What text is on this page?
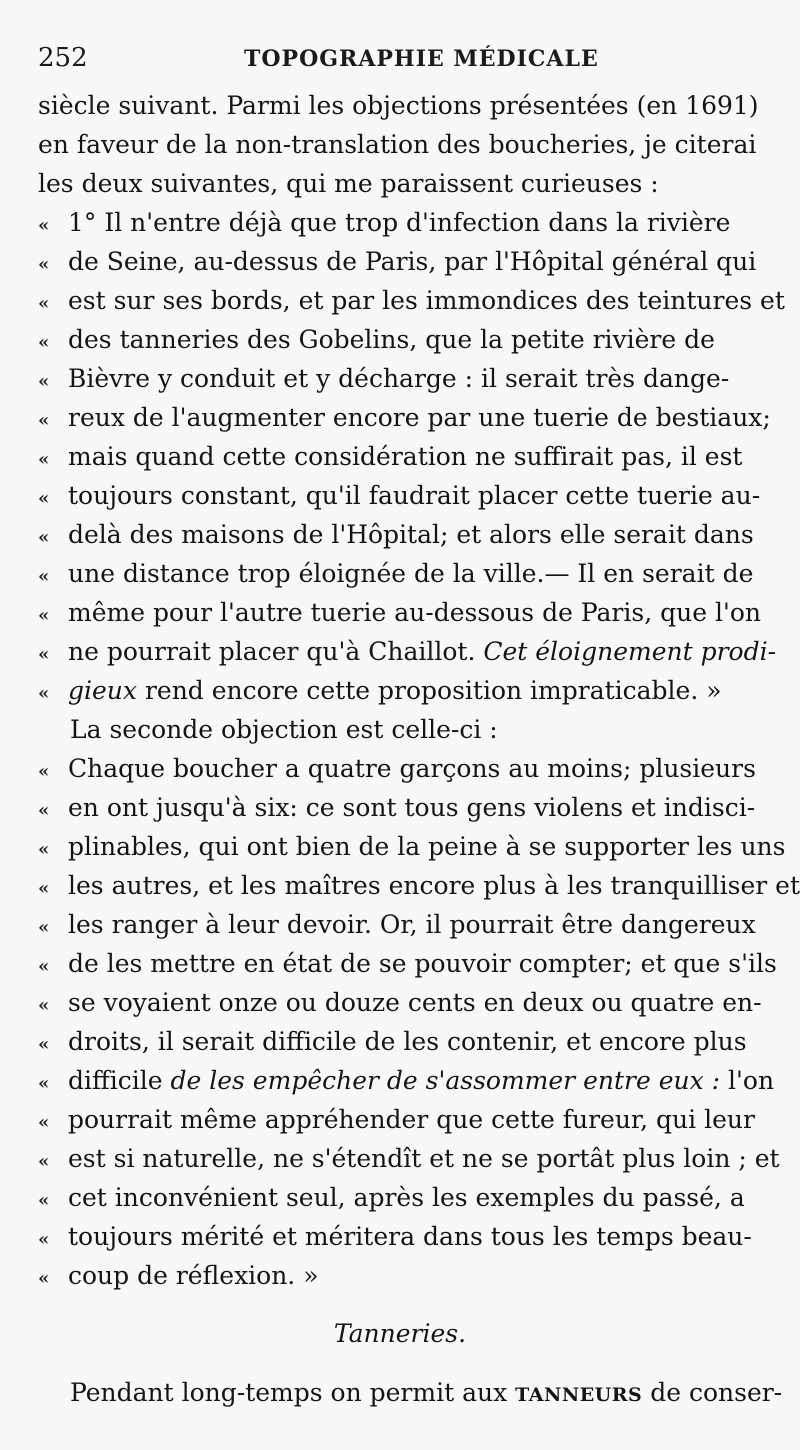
252	TOPOGRAPHIE MÉDICALE
siècle suivant. Parmi les objections présentées (en 1691)
en faveur de la non-translation des boucheries, je citerai
les deux suivantes, qui me paraissent curieuses :
« 1° Il n'entre déjà que trop d'infection dans la rivière
« de Seine, au-dessus de Paris, par l'Hôpital général qui
« est sur ses bords, et par les immondices des teintures et
« des tanneries des Gobelins, que la petite rivière de
« Bièvre y conduit et y décharge : il serait très dange-
« reux de l'augmenter encore par une tuerie de bestiaux;
« mais quand cette considération ne suffirait pas, il est
« toujours constant, qu'il faudrait placer cette tuerie au-
« delà des maisons de l'Hôpital; et alors elle serait dans
« une distance trop éloignée de la ville.— Il en serait de
« même pour l'autre tuerie au-dessous de Paris, que l'on
« ne pourrait placer qu'à Chaillot. Cet éloignement prodi-
« gieux rend encore cette proposition impraticable. »
La seconde objection est celle-ci :
« Chaque boucher a quatre garçons au moins; plusieurs
« en ont jusqu'à six: ce sont tous gens violens et indisci-
« plinables, qui ont bien de la peine à se supporter les uns
« les autres, et les maîtres encore plus à les tranquilliser et
« les ranger à leur devoir. Or, il pourrait être dangereux
« de les mettre en état de se pouvoir compter; et que s'ils
« se voyaient onze ou douze cents en deux ou quatre en-
« droits, il serait difficile de les contenir, et encore plus
« difficile de les empêcher de s'assommer entre eux : l'on
« pourrait même appréhender que cette fureur, qui leur
« est si naturelle, ne s'étendît et ne se portât plus loin ; et
« cet inconvénient seul, après les exemples du passé, a
« toujours mérité et méritera dans tous les temps beau-
« coup de réflexion. »
Tanneries.
Pendant long-temps on permit aux TANNEURS de conser-
